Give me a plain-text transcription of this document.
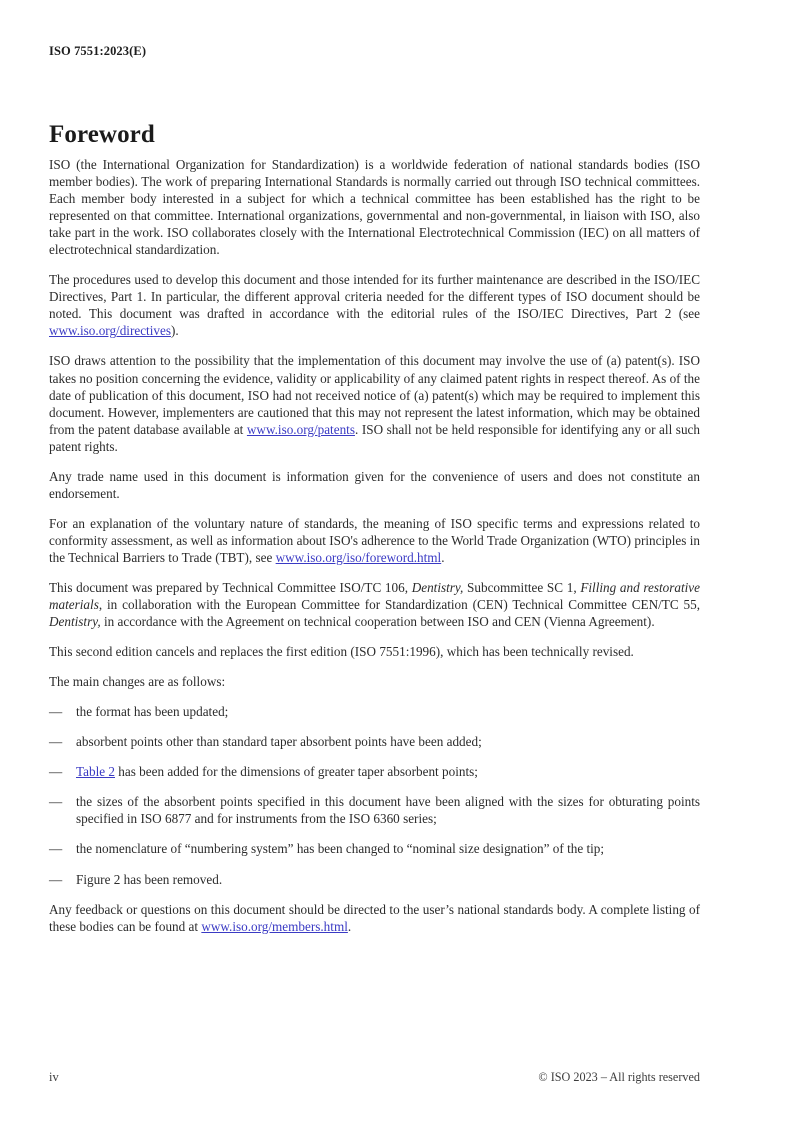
ISO 7551:2023(E)
Foreword

ISO (the International Organization for Standardization) is a worldwide federation of national standards bodies (ISO member bodies). The work of preparing International Standards is normally carried out through ISO technical committees. Each member body interested in a subject for which a technical committee has been established has the right to be represented on that committee. International organizations, governmental and non-governmental, in liaison with ISO, also take part in the work. ISO collaborates closely with the International Electrotechnical Commission (IEC) on all matters of electrotechnical standardization.

The procedures used to develop this document and those intended for its further maintenance are described in the ISO/IEC Directives, Part 1. In particular, the different approval criteria needed for the different types of ISO document should be noted. This document was drafted in accordance with the editorial rules of the ISO/IEC Directives, Part 2 (see www.iso.org/directives).

ISO draws attention to the possibility that the implementation of this document may involve the use of (a) patent(s). ISO takes no position concerning the evidence, validity or applicability of any claimed patent rights in respect thereof. As of the date of publication of this document, ISO had not received notice of (a) patent(s) which may be required to implement this document. However, implementers are cautioned that this may not represent the latest information, which may be obtained from the patent database available at www.iso.org/patents. ISO shall not be held responsible for identifying any or all such patent rights.

Any trade name used in this document is information given for the convenience of users and does not constitute an endorsement.

For an explanation of the voluntary nature of standards, the meaning of ISO specific terms and expressions related to conformity assessment, as well as information about ISO's adherence to the World Trade Organization (WTO) principles in the Technical Barriers to Trade (TBT), see www.iso.org/iso/foreword.html.

This document was prepared by Technical Committee ISO/TC 106, Dentistry, Subcommittee SC 1, Filling and restorative materials, in collaboration with the European Committee for Standardization (CEN) Technical Committee CEN/TC 55, Dentistry, in accordance with the Agreement on technical cooperation between ISO and CEN (Vienna Agreement).

This second edition cancels and replaces the first edition (ISO 7551:1996), which has been technically revised.

The main changes are as follows:

— the format has been updated;
— absorbent points other than standard taper absorbent points have been added;
— Table 2 has been added for the dimensions of greater taper absorbent points;
— the sizes of the absorbent points specified in this document have been aligned with the sizes for obturating points specified in ISO 6877 and for instruments from the ISO 6360 series;
— the nomenclature of “numbering system” has been changed to “nominal size designation” of the tip;
— Figure 2 has been removed.

Any feedback or questions on this document should be directed to the user’s national standards body. A complete listing of these bodies can be found at www.iso.org/members.html.

iv	© ISO 2023 – All rights reserved
